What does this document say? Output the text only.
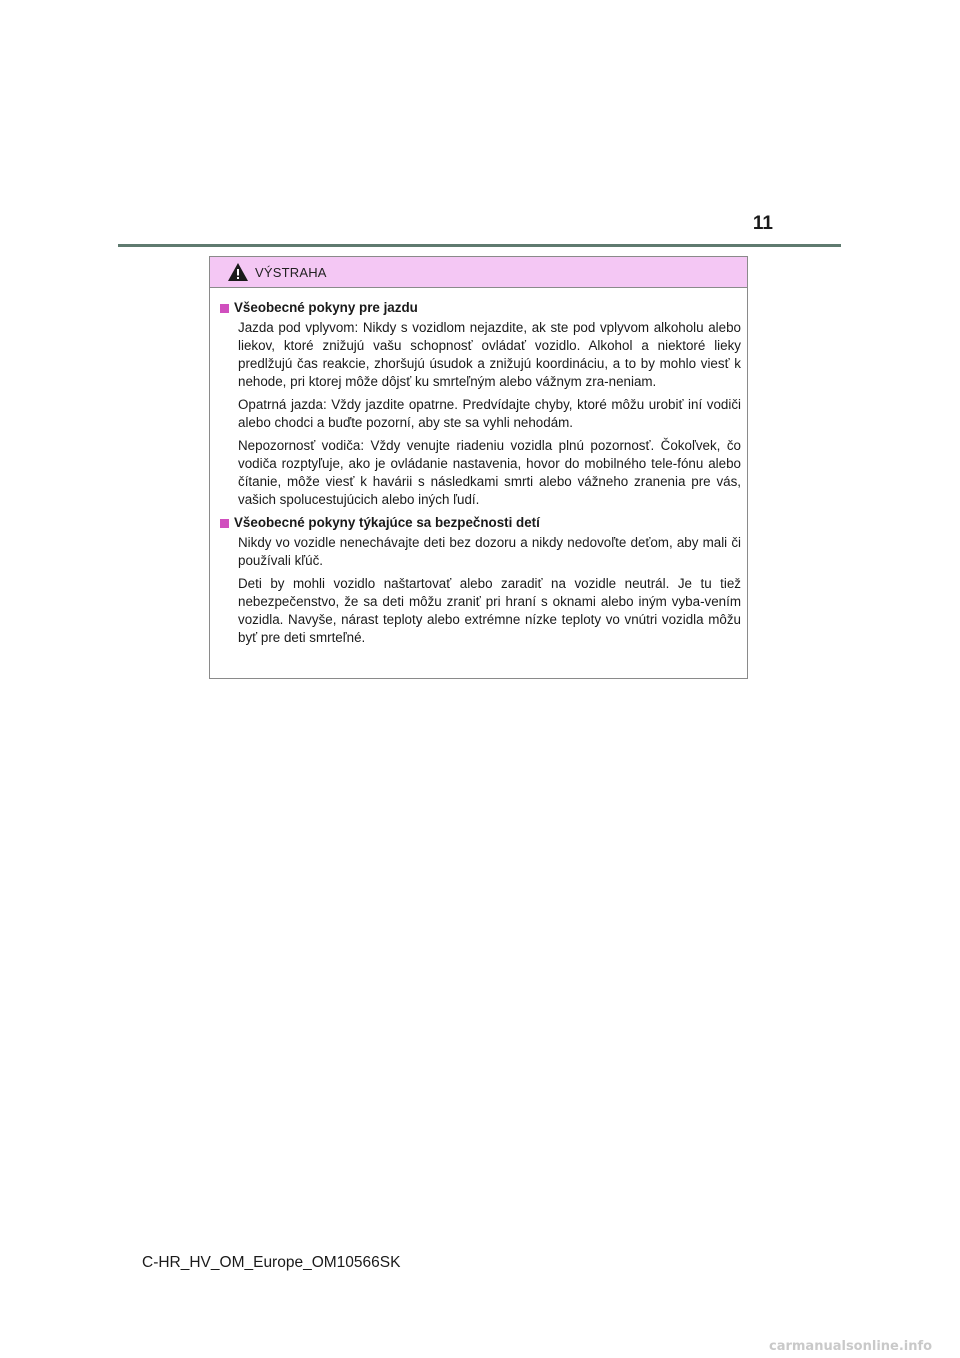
11
VÝSTRAHA
Všeobecné pokyny pre jazdu

Jazda pod vplyvom: Nikdy s vozidlom nejazdite, ak ste pod vplyvom alkoholu alebo liekov, ktoré znižujú vašu schopnosť ovládať vozidlo. Alkohol a niektoré lieky predlžujú čas reakcie, zhoršujú úsudok a znižujú koordináciu, a to by mohlo viesť k nehode, pri ktorej môže dôjsť ku smrteľným alebo vážnym zra-neniam.

Opatrná jazda: Vždy jazdite opatrne. Predvídajte chyby, ktoré môžu urobiť iní vodiči alebo chodci a buďte pozorní, aby ste sa vyhli nehodám.

Nepozornosť vodiča: Vždy venujte riadeniu vozidla plnú pozornosť. Čokoľvek, čo vodiča rozptyľuje, ako je ovládanie nastavenia, hovor do mobilného tele-fónu alebo čítanie, môže viesť k havárii s následkami smrti alebo vážneho zranenia pre vás, vašich spolucestujúcich alebo iných ľudí.

Všeobecné pokyny týkajúce sa bezpečnosti detí

Nikdy vo vozidle nenechávajte deti bez dozoru a nikdy nedovoľte deťom, aby mali či používali kľúč.

Deti by mohli vozidlo naštartovať alebo zaradiť na vozidle neutrál. Je tu tiež nebezpečenstvo, že sa deti môžu zraniť pri hraní s oknami alebo iným vyba-vením vozidla. Navyše, nárast teploty alebo extrémne nízke teploty vo vnútri vozidla môžu byť pre deti smrteľné.

C-HR_HV_OM_Europe_OM10566SK
carmanualsonline.info
